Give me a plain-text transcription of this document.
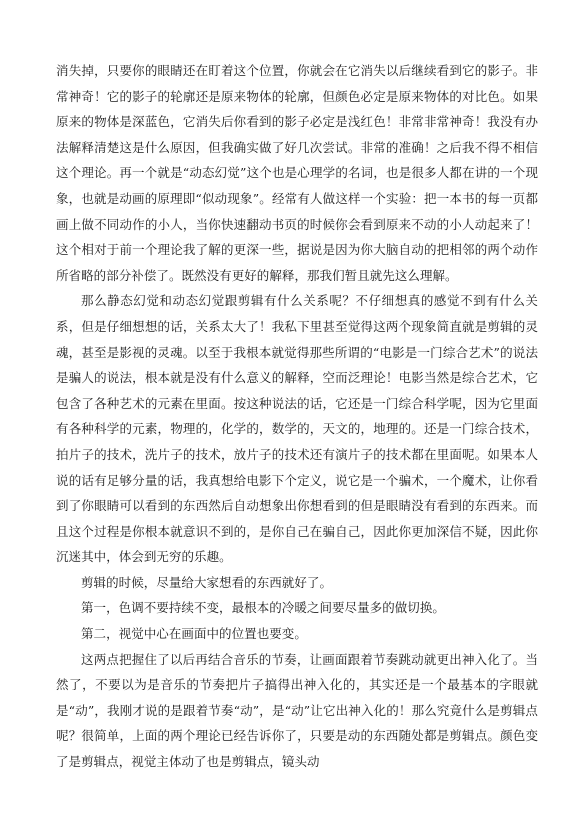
消失掉，只要你的眼睛还在盯着这个位置，你就会在它消失以后继续看到它的影子。非常神奇！它的影子的轮廓还是原来物体的轮廓，但颜色必定是原来物体的对比色。如果原来的物体是深蓝色，它消失后你看到的影子必定是浅红色！非常非常神奇！我没有办法解释清楚这是什么原因，但我确实做了好几次尝试。非常的准确！之后我不得不相信这个理论。再一个就是“动态幻觉”这个也是心理学的名词，也是很多人都在讲的一个现象，也就是动画的原理即“似动现象”。经常有人做这样一个实验：把一本书的每一页都画上做不同动作的小人，当你快速翻动书页的时候你会看到原来不动的小人动起来了！这个相对于前一个理论我了解的更深一些，据说是因为你大脑自动的把相邻的两个动作所省略的部分补偿了。既然没有更好的解释，那我们暂且就先这么理解。

那么静态幻觉和动态幻觉跟剪辑有什么关系呢？不仔细想真的感觉不到有什么关系，但是仔细想想的话，关系太大了！我私下里甚至觉得这两个现象简直就是剪辑的灵魂，甚至是影视的灵魂。以至于我根本就觉得那些所谓的“电影是一门综合艺术”的说法是骗人的说法，根本就是没有什么意义的解释，空而泛理论！电影当然是综合艺术，它包含了各种艺术的元素在里面。按这种说法的话，它还是一门综合科学呢，因为它里面有各种科学的元素，物理的，化学的，数学的，天文的，地理的。还是一门综合技术，拍片子的技术，洗片子的技术，放片子的技术还有演片子的技术都在里面呢。如果本人说的话有足够分量的话，我真想给电影下个定义，说它是一个骗术，一个魔术，让你看到了你眼睛可以看到的东西然后自动想象出你想看到的但是眼睛没有看到的东西来。而且这个过程是你根本就意识不到的，是你自己在骗自己，因此你更加深信不疑，因此你沉迷其中，体会到无穷的乐趣。

剪辑的时候，尽量给大家想看的东西就好了。

第一，色调不要持续不变，最根本的冷暖之间要尽量多的做切换。

第二，视觉中心在画面中的位置也要变。

这两点把握住了以后再结合音乐的节奏，让画面跟着节奏跳动就更出神入化了。当然了，不要以为是音乐的节奏把片子搞得出神入化的，其实还是一个最基本的字眼就是“动”，我刚才说的是跟着节奏“动”，是“动”让它出神入化的！那么究竟什么是剪辑点呢？很简单，上面的两个理论已经告诉你了，只要是动的东西随处都是剪辑点。颜色变了是剪辑点，视觉主体动了也是剪辑点，镜头动
